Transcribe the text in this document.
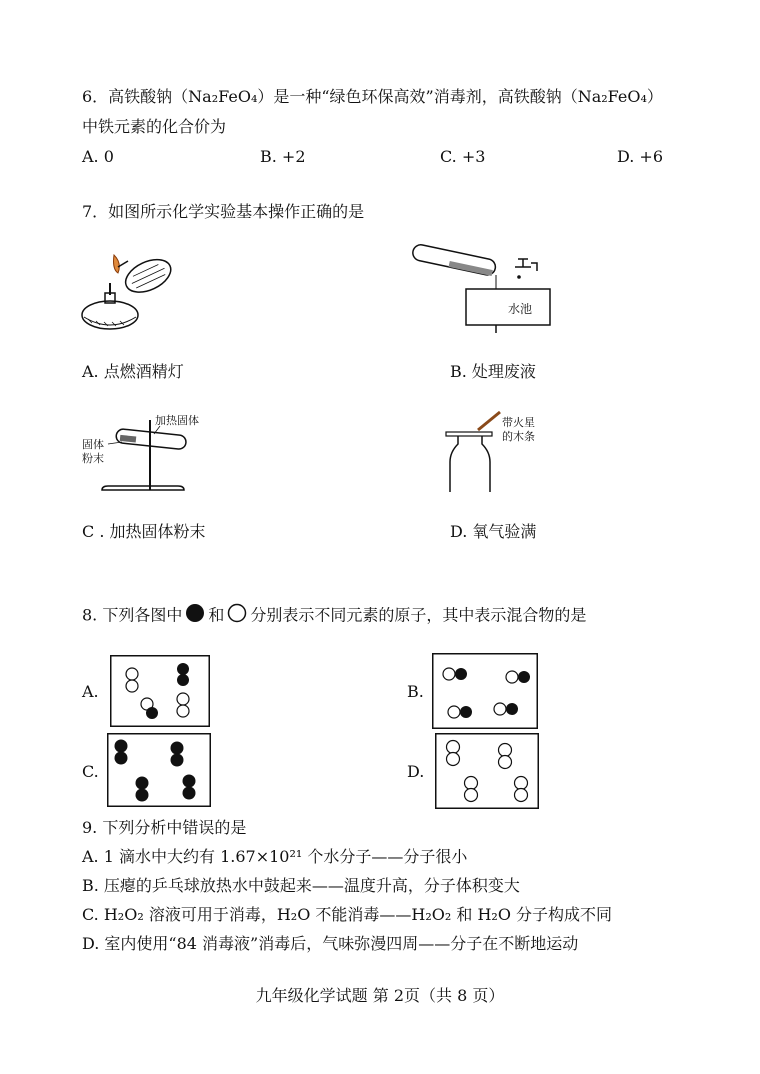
6．高铁酸钠（Na₂FeO₄）是一种“绿色环保高效”消毒剂，高铁酸钠（Na₂FeO₄）
中铁元素的化合价为
A. 0	B. +2	C. +3	D. +6
7．如图所示化学实验基本操作正确的是
水池
A. 点燃酒精灯	B. 处理废液
加热固体
固体
粉末
带火星
的木条
C . 加热固体粉末	D. 氧气验满
8. 下列各图中 和 分别表示不同元素的原子，其中表示混合物的是
A.	B.
C.	D.
9. 下列分析中错误的是
A. 1 滴水中大约有 1.67×10²¹ 个水分子——分子很小
B. 压瘪的乒乓球放热水中鼓起来——温度升高，分子体积变大
C. H₂O₂ 溶液可用于消毒，H₂O 不能消毒——H₂O₂ 和 H₂O 分子构成不同
D. 室内使用“84 消毒液”消毒后，气味弥漫四周——分子在不断地运动
九年级化学试题 第 2页（共 8 页）
